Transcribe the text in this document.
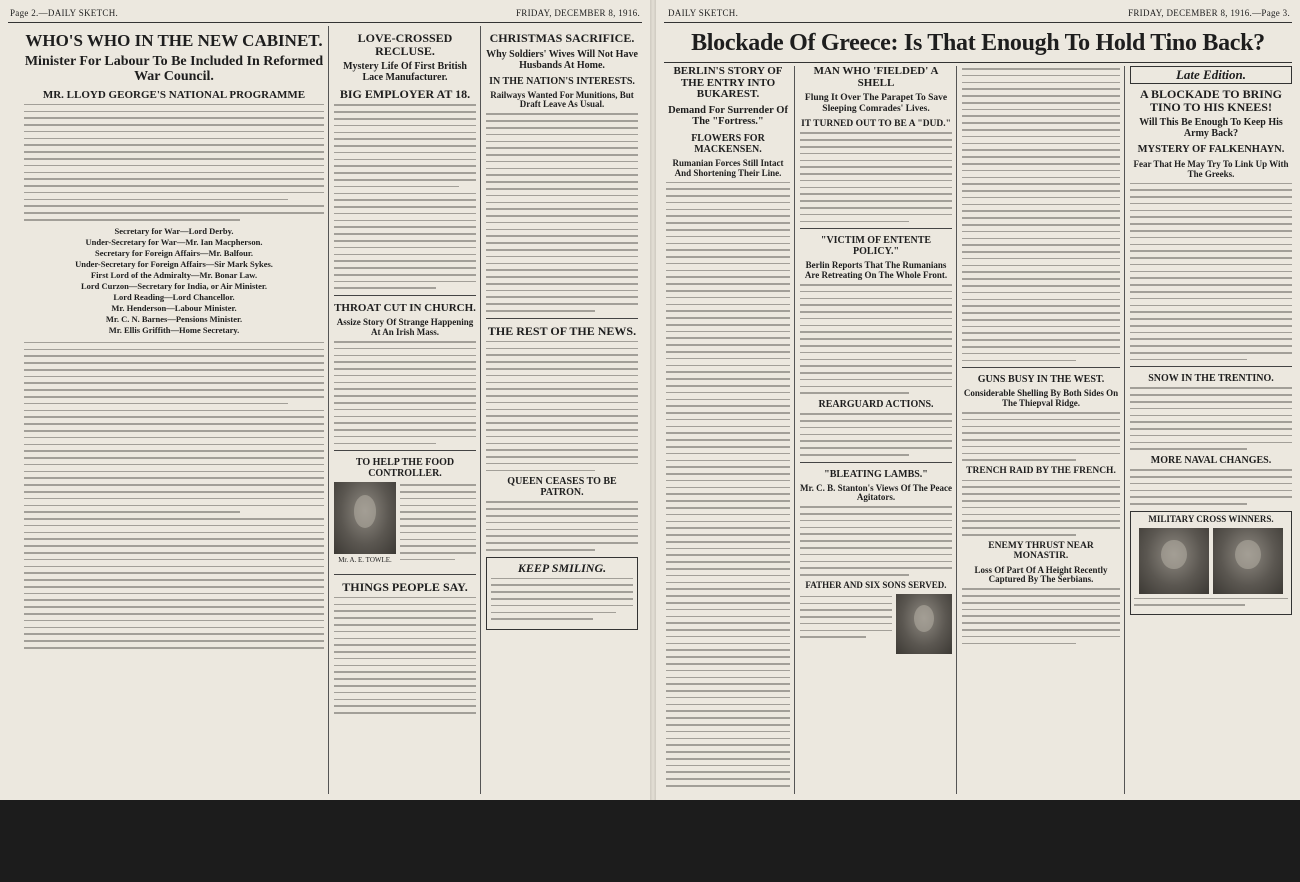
Page 2.—DAILY SKETCH.	FRIDAY, DECEMBER 8, 1916.
WHO'S WHO IN THE NEW CABINET.
Minister For Labour To Be Included In Reformed War Council.
MR. LLOYD GEORGE'S NATIONAL PROGRAMME
Secretary for War—Lord Derby.
Under-Secretary for War—Mr. Ian Macpherson.
Secretary for Foreign Affairs—Mr. Balfour.
Under-Secretary for Foreign Affairs—Sir Mark Sykes.
First Lord of the Admiralty—Mr. Bonar Law.
Lord Curzon—Secretary for India, or Air Minister.
Lord Reading—Lord Chancellor.
Mr. Henderson—Labour Minister.
Mr. C. N. Barnes—Pensions Minister.
Mr. Ellis Griffith—Home Secretary.
LOVE-CROSSED RECLUSE.
Mystery Life Of First British Lace Manufacturer.
BIG EMPLOYER AT 18.
THROAT CUT IN CHURCH.
Assize Story Of Strange Happening At An Irish Mass.
TO HELP THE FOOD CONTROLLER.
Mr. A. E. TOWLE.
THINGS PEOPLE SAY.
CHRISTMAS SACRIFICE.
Why Soldiers' Wives Will Not Have Husbands At Home.
IN THE NATION'S INTERESTS.
Railways Wanted For Munitions, But Draft Leave As Usual.
THE REST OF THE NEWS.
QUEEN CEASES TO BE PATRON.
KEEP SMILING.
DAILY SKETCH.	FRIDAY, DECEMBER 8, 1916.—Page 3.
Blockade Of Greece: Is That Enough To Hold Tino Back?
BERLIN'S STORY OF THE ENTRY INTO BUKAREST.
Demand For Surrender Of The "Fortress."
FLOWERS FOR MACKENSEN.
Rumanian Forces Still Intact And Shortening Their Line.
MAN WHO 'FIELDED' A SHELL
Flung It Over The Parapet To Save Sleeping Comrades' Lives.
IT TURNED OUT TO BE A "DUD."
"VICTIM OF ENTENTE POLICY."
Berlin Reports That The Rumanians Are Retreating On The Whole Front.
REARGUARD ACTIONS.
"BLEATING LAMBS."
Mr. C. B. Stanton's Views Of The Peace Agitators.
FATHER AND SIX SONS SERVED.
GUNS BUSY IN THE WEST.
Considerable Shelling By Both Sides On The Thiepval Ridge.
TRENCH RAID BY THE FRENCH.
ENEMY THRUST NEAR MONASTIR.
Loss Of Part Of A Height Recently Captured By The Serbians.
Late Edition.
A BLOCKADE TO BRING TINO TO HIS KNEES!
Will This Be Enough To Keep His Army Back?
MYSTERY OF FALKENHAYN.
Fear That He May Try To Link Up With The Greeks.
SNOW IN THE TRENTINO.
MORE NAVAL CHANGES.
MILITARY CROSS WINNERS.
